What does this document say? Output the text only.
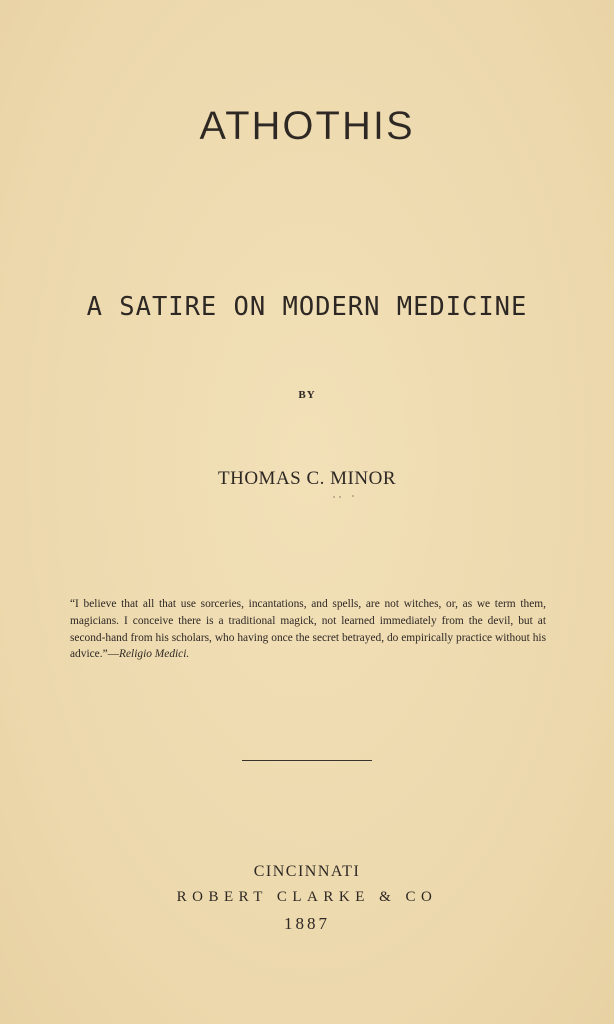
ATHOTHIS
A SATIRE ON MODERN MEDICINE
BY
THOMAS C. MINOR
“I believe that all that use sorceries, incantations, and spells, are not witches, or, as we term them, magicians. I conceive there is a traditional magick, not learned immediately from the devil, but at second-hand from his scholars, who having once the secret betrayed, do empirically practice without his advice.”—Religio Medici.
CINCINNATI
ROBERT CLARKE & CO
1887
